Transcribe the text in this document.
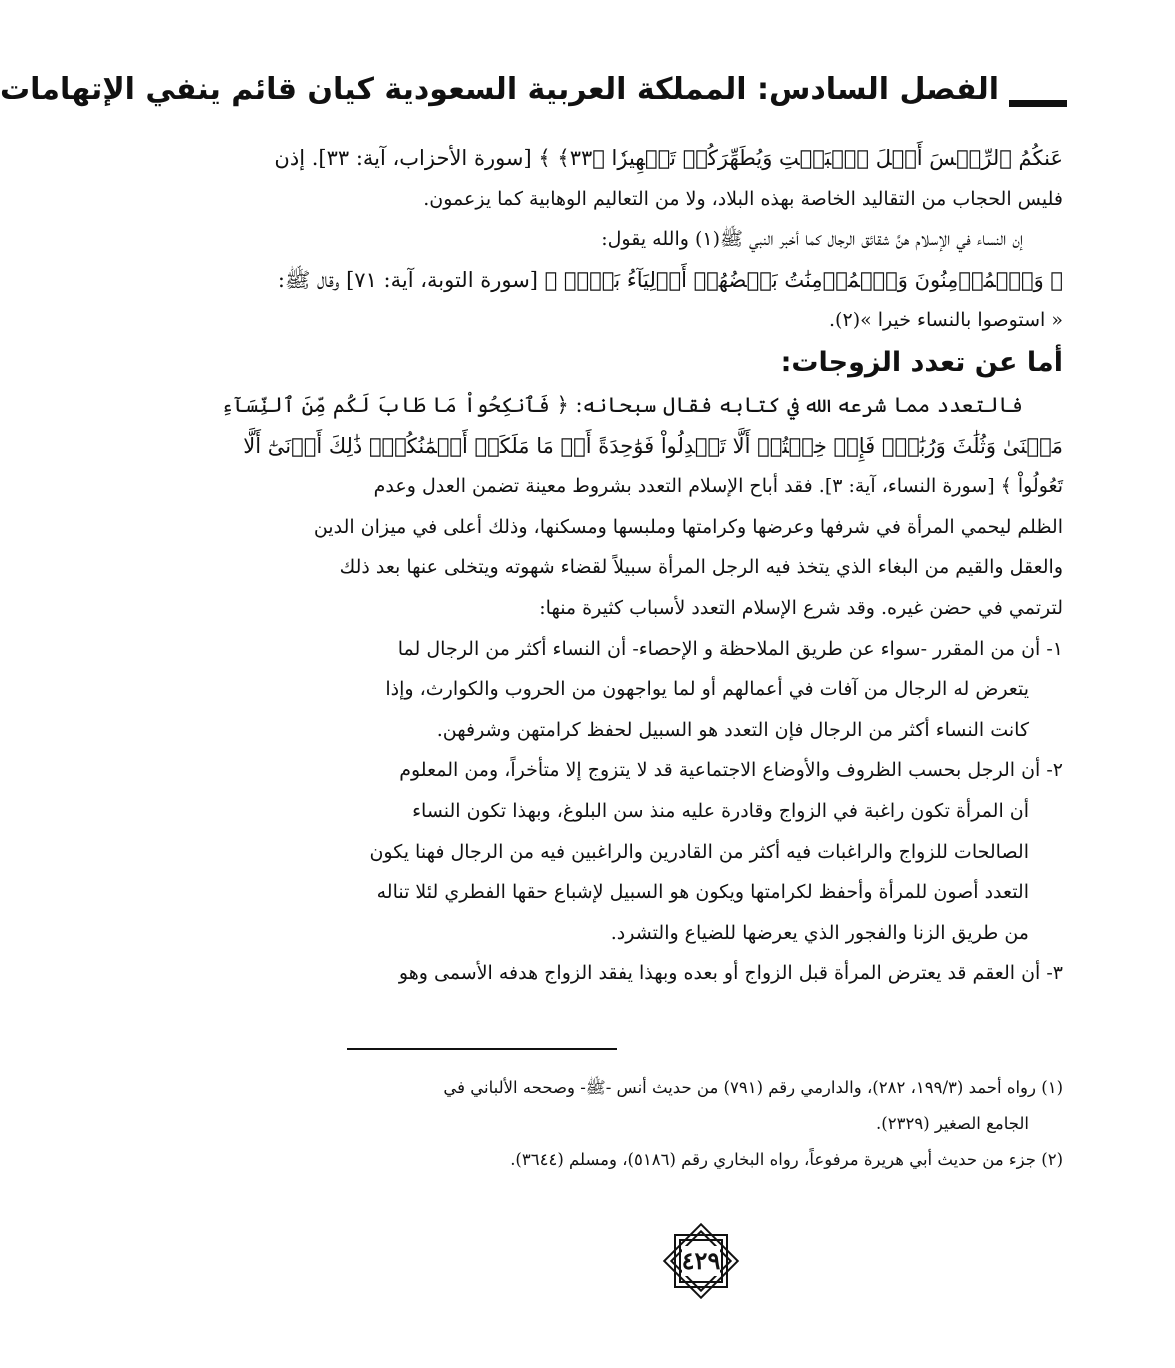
الفصل السادس: المملكة العربية السعودية كيان قائم ينفي الإتهامات
عَنكُمُ ٱلرِّجۡسَ أَهۡلَ ٱلۡبَيۡتِ وَيُطَهِّرَكُمۡ تَطۡهِيرٗا ﴿٣٣﴾ ﴾ [سورة الأحزاب، آية: ٣٣]. إذن
فليس الحجاب من التقاليد الخاصة بهذه البلاد، ولا من التعاليم الوهابية كما يزعمون.
إن النساء في الإسلام هنَّ شقائق الرجال كما أخبر النبي ﷺ(١) والله يقول:
﴿ وَٱلۡمُؤۡمِنُونَ وَٱلۡمُؤۡمِنَٰتُ بَعۡضُهُمۡ أَوۡلِيَآءُ بَعۡضٖ ﴾ [سورة التوبة، آية: ٧١] وقال ﷺ:
« استوصوا بالنساء خيرا »(٢).
أما عن تعدد الزوجات:
فالتعدد مما شرعه الله في كتابه فقال سبحانه: ﴿ فَٱنكِحُواْ مَا طَابَ لَكُم مِّنَ ٱلنِّسَآءِ
مَثۡنَىٰ وَثُلَٰثَ وَرُبَٰعَۖ فَإِنۡ خِفۡتُمۡ أَلَّا تَعۡدِلُواْ فَوَٰحِدَةً أَوۡ مَا مَلَكَتۡ أَيۡمَٰنُكُمۡۚ ذَٰلِكَ أَدۡنَىٰٓ أَلَّا
تَعُولُواْ ﴾ [سورة النساء، آية: ٣]. فقد أباح الإسلام التعدد بشروط معينة تضمن العدل وعدم
الظلم ليحمي المرأة في شرفها وعرضها وكرامتها وملبسها ومسكنها، وذلك أعلى في ميزان الدين
والعقل والقيم من البغاء الذي يتخذ فيه الرجل المرأة سبيلاً لقضاء شهوته ويتخلى عنها بعد ذلك
لترتمي في حضن غيره. وقد شرع الإسلام التعدد لأسباب كثيرة منها:
١- أن من المقرر -سواء عن طريق الملاحظة و الإحصاء- أن النساء أكثر من الرجال لما
يتعرض له الرجال من آفات في أعمالهم أو لما يواجهون من الحروب والكوارث، وإذا
كانت النساء أكثر من الرجال فإن التعدد هو السبيل لحفظ كرامتهن وشرفهن.
٢- أن الرجل بحسب الظروف والأوضاع الاجتماعية قد لا يتزوج إلا متأخراً، ومن المعلوم
أن المرأة تكون راغبة في الزواج وقادرة عليه منذ سن البلوغ، وبهذا تكون النساء
الصالحات للزواج والراغبات فيه أكثر من القادرين والراغبين فيه من الرجال فهنا يكون
التعدد أصون للمرأة وأحفظ لكرامتها ويكون هو السبيل لإشباع حقها الفطري لئلا تناله
من طريق الزنا والفجور الذي يعرضها للضياع والتشرد.
٣- أن العقم قد يعترض المرأة قبل الزواج أو بعده وبهذا يفقد الزواج هدفه الأسمى وهو
(١) رواه أحمد (١٩٩/٣، ٢٨٢)، والدارمي رقم (٧٩١) من حديث أنس -ﷺ- وصححه الألباني في
الجامع الصغير (٢٣٢٩).
(٢) جزء من حديث أبي هريرة مرفوعاً، رواه البخاري رقم (٥١٨٦)، ومسلم (٣٦٤٤).
٤٢٩
